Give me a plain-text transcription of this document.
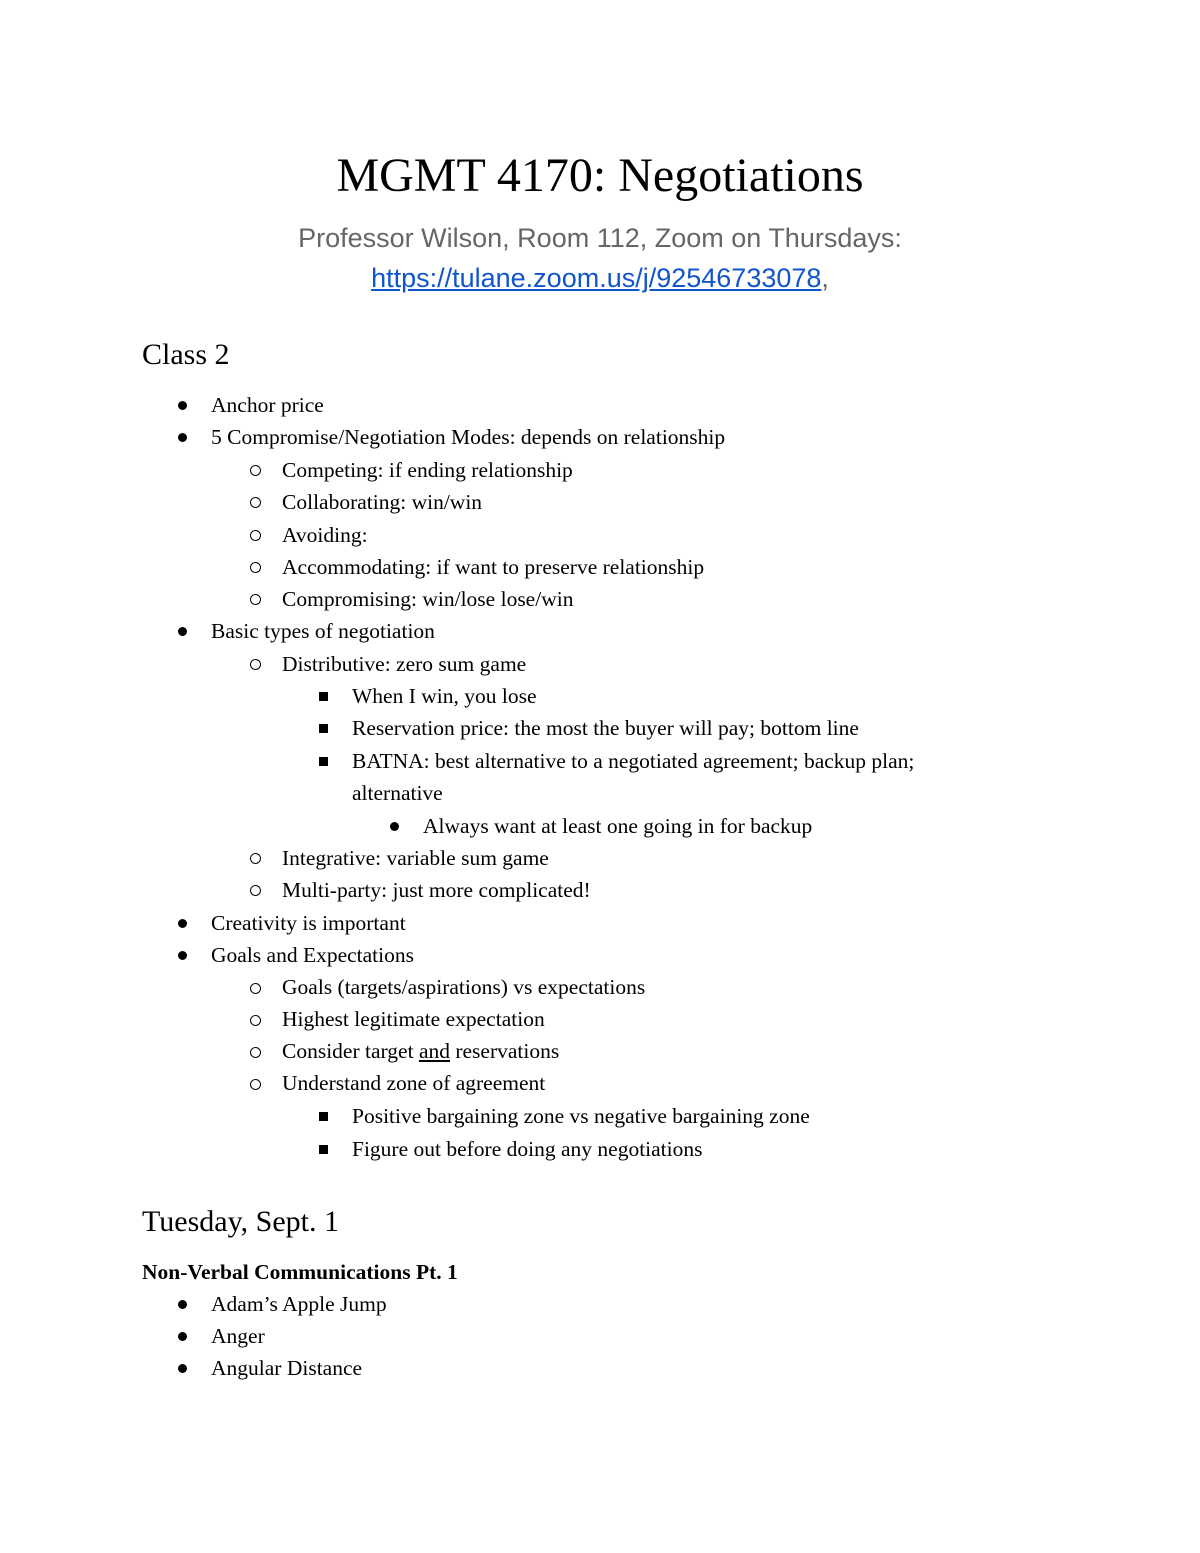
MGMT 4170: Negotiations
Professor Wilson, Room 112, Zoom on Thursdays:
https://tulane.zoom.us/j/92546733078,
Class 2
Anchor price
5 Compromise/Negotiation Modes: depends on relationship
Competing: if ending relationship
Collaborating: win/win
Avoiding:
Accommodating: if want to preserve relationship
Compromising: win/lose lose/win
Basic types of negotiation
Distributive: zero sum game
When I win, you lose
Reservation price: the most the buyer will pay; bottom line
BATNA: best alternative to a negotiated agreement; backup plan;
alternative
Always want at least one going in for backup
Integrative: variable sum game
Multi-party: just more complicated!
Creativity is important
Goals and Expectations
Goals (targets/aspirations) vs expectations
Highest legitimate expectation
Consider target and reservations
Understand zone of agreement
Positive bargaining zone vs negative bargaining zone
Figure out before doing any negotiations
Tuesday, Sept. 1
Non-Verbal Communications Pt. 1
Adam’s Apple Jump
Anger
Angular Distance
